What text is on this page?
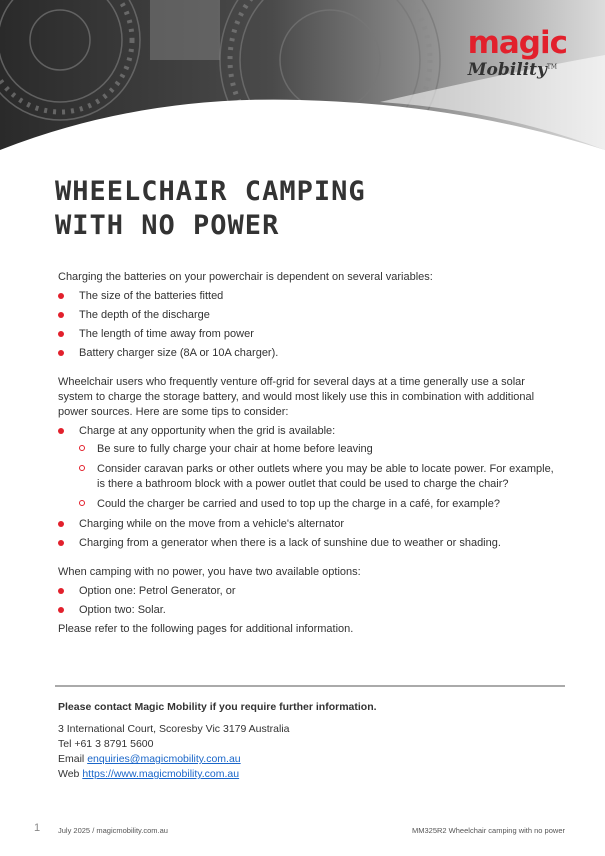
magic
Mobility™
WHEELCHAIR CAMPING
WITH NO POWER

Charging the batteries on your powerchair is dependent on several variables:

The size of the batteries fitted
The depth of the discharge
The length of time away from power
Battery charger size (8A or 10A charger).

Wheelchair users who frequently venture off-grid for several days at a time generally use a solar system to charge the storage battery, and would most likely use this in combination with additional power sources. Here are some tips to consider:

Charge at any opportunity when the grid is available:
Be sure to fully charge your chair at home before leaving
Consider caravan parks or other outlets where you may be able to locate power. For example, is there a bathroom block with a power outlet that could be used to charge the chair?
Could the charger be carried and used to top up the charge in a café, for example?
Charging while on the move from a vehicle's alternator
Charging from a generator when there is a lack of sunshine due to weather or shading.

When camping with no power, you have two available options:

Option one: Petrol Generator, or
Option two: Solar.

Please refer to the following pages for additional information.

Please contact Magic Mobility if you require further information.
3 International Court, Scoresby Vic 3179 Australia
Tel +61 3 8791 5600
Email enquiries@magicmobility.com.au
Web https://www.magicmobility.com.au
1 July 2025 / magicmobility.com.au	MM325R2 Wheelchair camping with no power
